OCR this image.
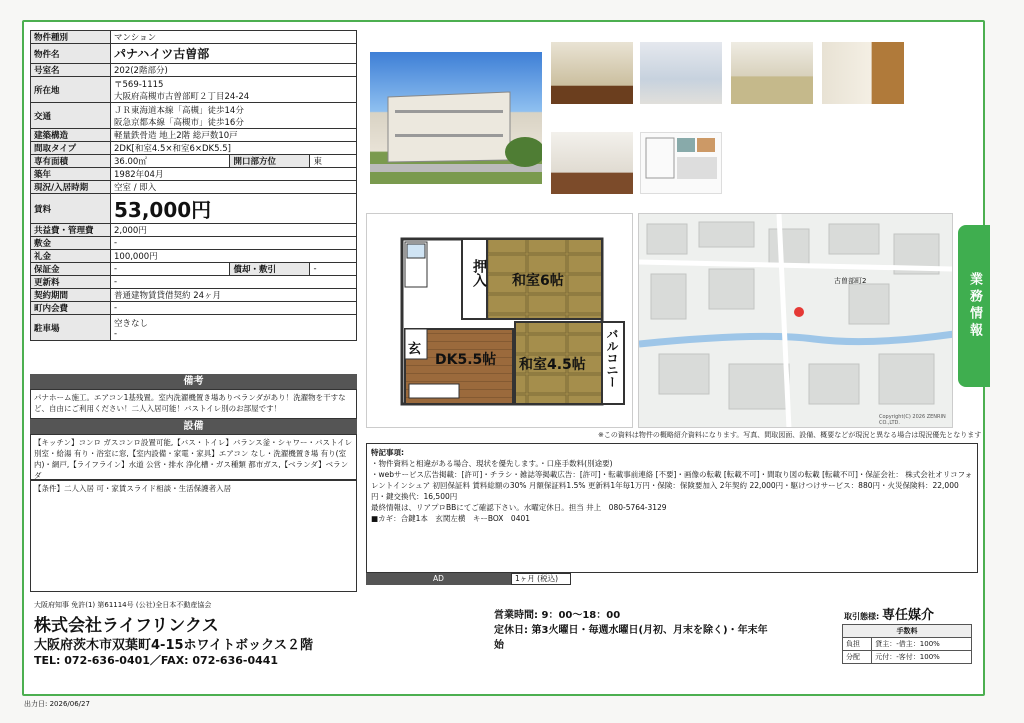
業務情報
物件種別	マンション		
物件名	パナハイツ古曽部		
号室名	202(2階部分)		
所在地	〒569-1115
大阪府高槻市古曽部町２丁目24-24		

交通	ＪＲ東海道本線「高槻」徒歩14分
阪急京都本線「高槻市」徒歩16分		

建築構造	軽量鉄骨造 地上2階 総戸数10戸		
間取タイプ	2DK[和室4.5×和室6×DK5.5]		
専有面積	36.00㎡	開口部方位	東
築年	1982年04月		
現況/入居時期	空室 / 即入		
賃料	53,000円		
共益費・管理費	2,000円		
敷金	-		
礼金	100,000円		
保証金	-	償却・敷引	-
更新料	-		
契約期間	普通建物賃貸借契約 24ヶ月		
町内会費	-		
駐車場	空きなし
-		
備考
パナホーム施工。エアコン1基残置。室内洗濯機置き場ありベランダがあり！洗濯物を干すなど、自由にご利用ください！二人入居可能！バストイレ別のお部屋です！
設備
【キッチン】コンロ ガスコンロ設置可能,【バス・トイレ】バランス釜・シャワー・バストイレ 別室・給湯 有り・浴室に窓,【室内設備・家電・家具】エアコン なし・洗濯機置き場 有り(室内)・網戸,【ライフライン】水道 公営・排水 浄化槽・ガス種類 都市ガス,【ベランダ】ベランダ
【条件】二人入居 可・家賃スライド相談・生活保護者入居
押入 和室6帖
玄
DK5.5帖 和室4.5帖 バルコニー
古曽部町2
Copyright(C) 2026 ZENRIN CO.,LTD.
※この資料は物件の概略紹介資料になります。写真、間取図面、設備、概要などが現況と異なる場合は現況優先となります
特記事項:
・物件資料と相違がある場合、現状を優先します。・口座手数料(別途要)
・webサービス広告掲載：[許可]・チラシ・雑誌等掲載広告：[許可]・転載事前連絡 [不要]・画像の転載 [転載不可]・間取り図の転載 [転載不可]・保証会社： 株式会社オリコフォレントインシュア 初回保証料 賃料総額の30% 月額保証料1.5% 更新料1年毎1万円・保険：保険要加入 2年契約 22,000円・駆けつけサービス：880円・火災保険料：22,000円・鍵交換代：16,500円
最終情報は、リアプロBBにてご確認下さい。水曜定休日。担当 井上　080-5764-3129
■カギ：合鍵1本　玄関左横　キーBOX　0401
AD	1ヶ月 (税込)
大阪府知事 免許(1) 第61114号 (公社)全日本不動産協会
株式会社ライフリンクス
大阪府茨木市双葉町4-15ホワイトボックス２階
TEL: 072-636-0401／FAX: 072-636-0441
営業時間: 9：00～18：00
定休日: 第3火曜日・毎週水曜日(月初、月末を除く)・年末年始
取引態様: 専任媒介
手数料	
負担	貸主：-借主：100%
分配	元付：-客付：100%
出力日: 2026/06/27
